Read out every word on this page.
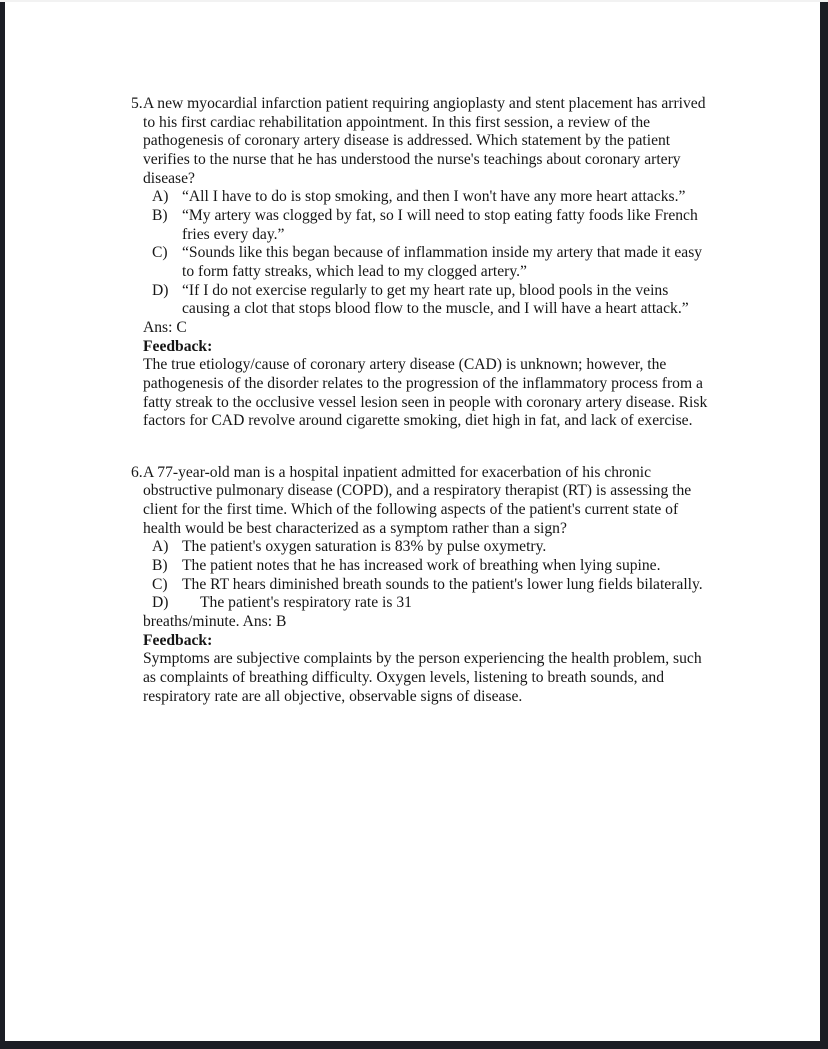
5. A new myocardial infarction patient requiring angioplasty and stent placement has arrived to his first cardiac rehabilitation appointment. In this first session, a review of the pathogenesis of coronary artery disease is addressed. Which statement by the patient verifies to the nurse that he has understood the nurse's teachings about coronary artery disease?
A) “All I have to do is stop smoking, and then I won't have any more heart attacks.”
B) “My artery was clogged by fat, so I will need to stop eating fatty foods like French fries every day.”
C) “Sounds like this began because of inflammation inside my artery that made it easy to form fatty streaks, which lead to my clogged artery.”
D) “If I do not exercise regularly to get my heart rate up, blood pools in the veins causing a clot that stops blood flow to the muscle, and I will have a heart attack.”
Ans: C
Feedback:
The true etiology/cause of coronary artery disease (CAD) is unknown; however, the pathogenesis of the disorder relates to the progression of the inflammatory process from a fatty streak to the occlusive vessel lesion seen in people with coronary artery disease. Risk factors for CAD revolve around cigarette smoking, diet high in fat, and lack of exercise.
6. A 77-year-old man is a hospital inpatient admitted for exacerbation of his chronic obstructive pulmonary disease (COPD), and a respiratory therapist (RT) is assessing the client for the first time. Which of the following aspects of the patient's current state of health would be best characterized as a symptom rather than a sign?
A) The patient's oxygen saturation is 83% by pulse oxymetry.
B) The patient notes that he has increased work of breathing when lying supine.
C) The RT hears diminished breath sounds to the patient's lower lung fields bilaterally.
D)	The patient's respiratory rate is 31
breaths/minute. Ans: B
Feedback:
Symptoms are subjective complaints by the person experiencing the health problem, such as complaints of breathing difficulty. Oxygen levels, listening to breath sounds, and respiratory rate are all objective, observable signs of disease.
